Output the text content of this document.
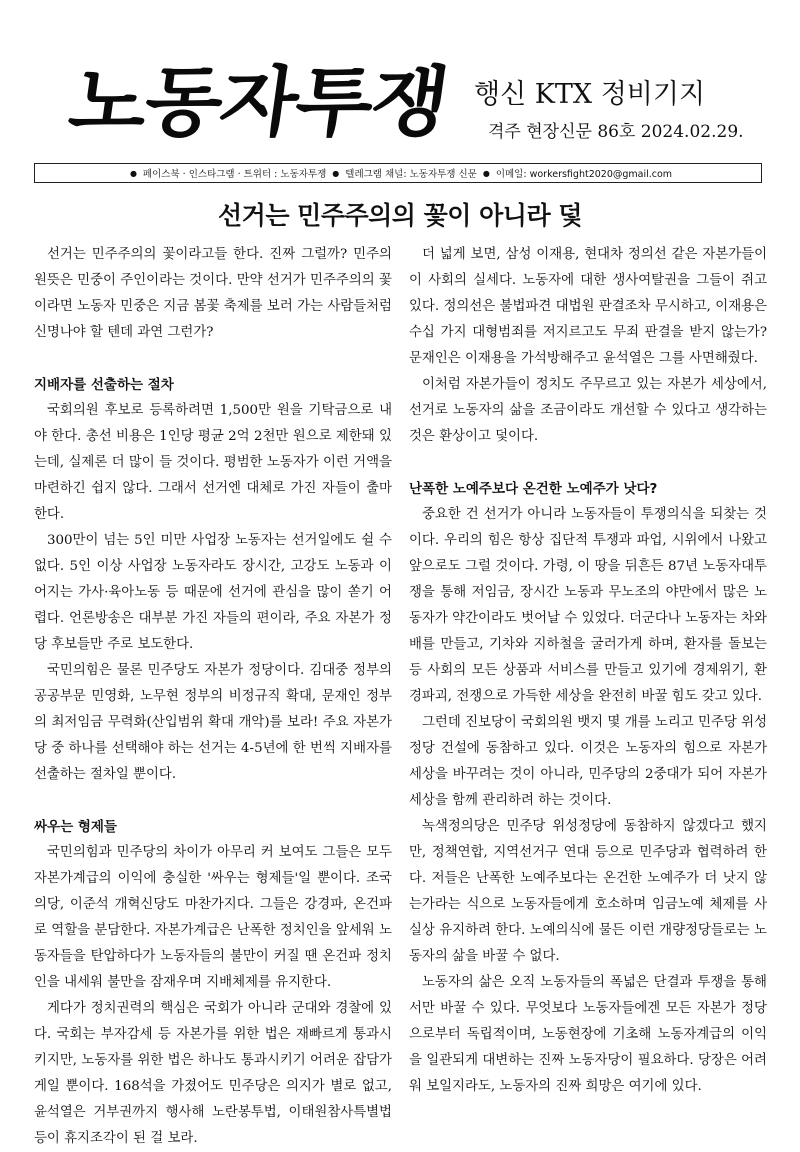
노동자투쟁 행신 KTX 정비기지
격주 현장신문 86호 2024.02.29.
● 페이스북 · 인스타그램 · 트위터 : 노동자투쟁 ● 텔레그램 채널: 노동자투쟁 신문 ● 이메일: workersfight2020@gmail.com
선거는 민주주의의 꽃이 아니라 덫

선거는 민주주의의 꽃이라고들 한다. 진짜 그럴까? 민주의 원뜻은 민중이 주인이라는 것이다. 만약 선거가 민주주의의 꽃이라면 노동자 민중은 지금 봄꽃 축제를 보러 가는 사람들처럼 신명나야 할 텐데 과연 그런가?

지배자를 선출하는 절차

국회의원 후보로 등록하려면 1,500만 원을 기탁금으로 내야 한다. 총선 비용은 1인당 평균 2억 2천만 원으로 제한돼 있는데, 실제론 더 많이 들 것이다. 평범한 노동자가 이런 거액을 마련하긴 쉽지 않다. 그래서 선거엔 대체로 가진 자들이 출마한다.

300만이 넘는 5인 미만 사업장 노동자는 선거일에도 쉴 수 없다. 5인 이상 사업장 노동자라도 장시간, 고강도 노동과 이어지는 가사·육아노동 등 때문에 선거에 관심을 많이 쏟기 어렵다. 언론방송은 대부분 가진 자들의 편이라, 주요 자본가 정당 후보들만 주로 보도한다.

국민의힘은 물론 민주당도 자본가 정당이다. 김대중 정부의 공공부문 민영화, 노무현 정부의 비정규직 확대, 문재인 정부의 최저임금 무력화(산입범위 확대 개악)를 보라! 주요 자본가 당 중 하나를 선택해야 하는 선거는 4-5년에 한 번씩 지배자를 선출하는 절차일 뿐이다.

싸우는 형제들

국민의힘과 민주당의 차이가 아무리 커 보여도 그들은 모두 자본가계급의 이익에 충실한 '싸우는 형제들'일 뿐이다. 조국의당, 이준석 개혁신당도 마찬가지다. 그들은 강경파, 온건파로 역할을 분담한다. 자본가계급은 난폭한 정치인을 앞세워 노동자들을 탄압하다가 노동자들의 불만이 커질 땐 온건파 정치인을 내세워 불만을 잠재우며 지배체제를 유지한다.

게다가 정치권력의 핵심은 국회가 아니라 군대와 경찰에 있다. 국회는 부자감세 등 자본가를 위한 법은 재빠르게 통과시키지만, 노동자를 위한 법은 하나도 통과시키기 어려운 잡담가게일 뿐이다. 168석을 가졌어도 민주당은 의지가 별로 없고, 윤석열은 거부권까지 행사해 노란봉투법, 이태원참사특별법 등이 휴지조각이 된 걸 보라.

더 넓게 보면, 삼성 이재용, 현대차 정의선 같은 자본가들이 이 사회의 실세다. 노동자에 대한 생사여탈권을 그들이 쥐고 있다. 정의선은 불법파견 대법원 판결조차 무시하고, 이재용은 수십 가지 대형범죄를 저지르고도 무죄 판결을 받지 않는가? 문재인은 이재용을 가석방해주고 윤석열은 그를 사면해줬다.

이처럼 자본가들이 정치도 주무르고 있는 자본가 세상에서, 선거로 노동자의 삶을 조금이라도 개선할 수 있다고 생각하는 것은 환상이고 덫이다.

난폭한 노예주보다 온건한 노예주가 낫다?

중요한 건 선거가 아니라 노동자들이 투쟁의식을 되찾는 것이다. 우리의 힘은 항상 집단적 투쟁과 파업, 시위에서 나왔고 앞으로도 그럴 것이다. 가령, 이 땅을 뒤흔든 87년 노동자대투쟁을 통해 저임금, 장시간 노동과 무노조의 야만에서 많은 노동자가 약간이라도 벗어날 수 있었다. 더군다나 노동자는 차와 배를 만들고, 기차와 지하철을 굴러가게 하며, 환자를 돌보는 등 사회의 모든 상품과 서비스를 만들고 있기에 경제위기, 환경파괴, 전쟁으로 가득한 세상을 완전히 바꿀 힘도 갖고 있다.

그런데 진보당이 국회의원 뱃지 몇 개를 노리고 민주당 위성정당 건설에 동참하고 있다. 이것은 노동자의 힘으로 자본가 세상을 바꾸려는 것이 아니라, 민주당의 2중대가 되어 자본가 세상을 함께 관리하려 하는 것이다.

녹색정의당은 민주당 위성정당에 동참하지 않겠다고 했지만, 정책연합, 지역선거구 연대 등으로 민주당과 협력하려 한다. 저들은 난폭한 노예주보다는 온건한 노예주가 더 낫지 않는가라는 식으로 노동자들에게 호소하며 임금노예 체제를 사실상 유지하려 한다. 노예의식에 물든 이런 개량정당들로는 노동자의 삶을 바꿀 수 없다.

노동자의 삶은 오직 노동자들의 폭넓은 단결과 투쟁을 통해서만 바꿀 수 있다. 무엇보다 노동자들에겐 모든 자본가 정당으로부터 독립적이며, 노동현장에 기초해 노동자계급의 이익을 일관되게 대변하는 진짜 노동자당이 필요하다. 당장은 어려워 보일지라도, 노동자의 진짜 희망은 여기에 있다.
